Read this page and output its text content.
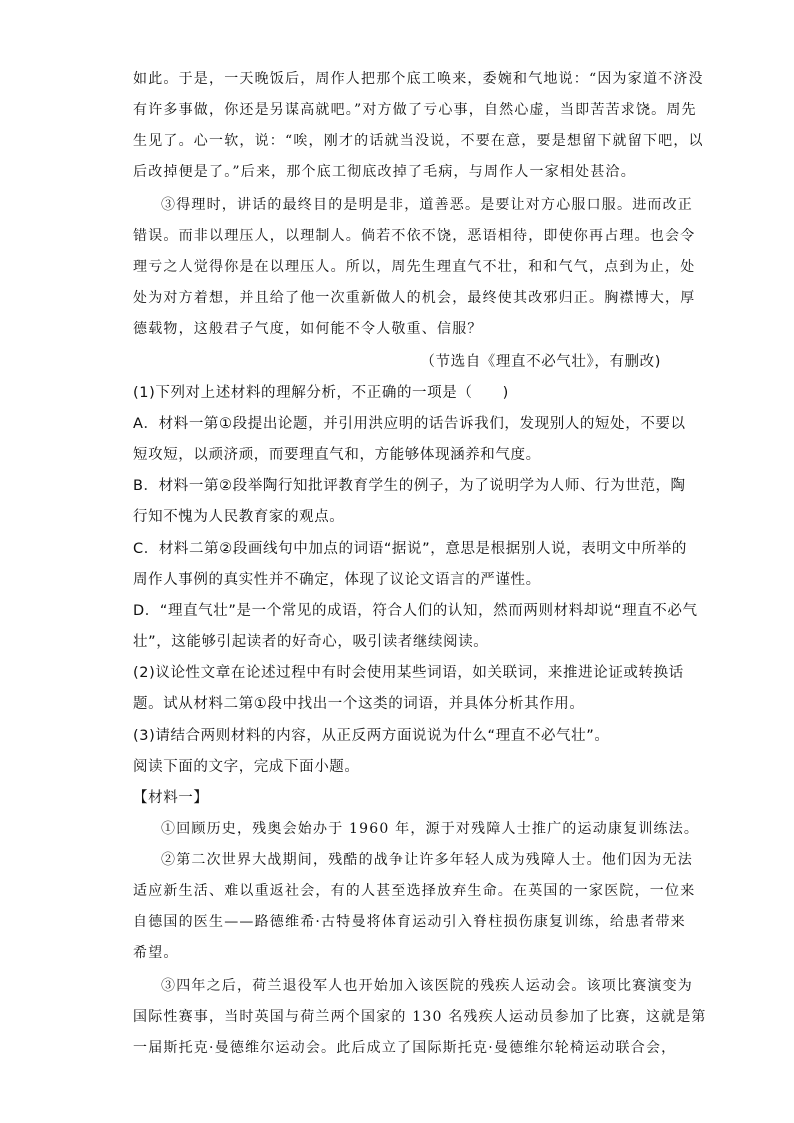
如此。于是，一天晚饭后，周作人把那个底工唤来，委婉和气地说：“因为家道不济没
有许多事做，你还是另谋高就吧。”对方做了亏心事，自然心虚，当即苦苦求饶。周先
生见了。心一软，说：“唉，刚才的话就当没说，不要在意，要是想留下就留下吧，以
后改掉便是了。”后来，那个底工彻底改掉了毛病，与周作人一家相处甚洽。
③得理时，讲话的最终目的是明是非，道善恶。是要让对方心服口服。进而改正
错误。而非以理压人，以理制人。倘若不依不饶，恶语相待，即使你再占理。也会令
理亏之人觉得你是在以理压人。所以，周先生理直气不壮，和和气气，点到为止，处
处为对方着想，并且给了他一次重新做人的机会，最终使其改邪归正。胸襟博大，厚
德载物，这般君子气度，如何能不令人敬重、信服？
（节选自《理直不必气壮》，有删改)
(1)下列对上述材料的理解分析，不正确的一项是（　　)
A．材料一第①段提出论题，并引用洪应明的话告诉我们，发现别人的短处，不要以
短攻短，以顽济顽，而要理直气和，方能够体现涵养和气度。
B．材料一第②段举陶行知批评教育学生的例子，为了说明学为人师、行为世范，陶
行知不愧为人民教育家的观点。
C．材料二第②段画线句中加点的词语“据说”，意思是根据别人说，表明文中所举的
周作人事例的真实性并不确定，体现了议论文语言的严谨性。
D．“理直气壮”是一个常见的成语，符合人们的认知，然而两则材料却说“理直不必气
壮”，这能够引起读者的好奇心，吸引读者继续阅读。
(2)议论性文章在论述过程中有时会使用某些词语，如关联词，来推进论证或转换话
题。试从材料二第①段中找出一个这类的词语，并具体分析其作用。
(3)请结合两则材料的内容，从正反两方面说说为什么“理直不必气壮”。
阅读下面的文字，完成下面小题。
【材料一】
①回顾历史，残奥会始办于 1960 年，源于对残障人士推广的运动康复训练法。
②第二次世界大战期间，残酷的战争让许多年轻人成为残障人士。他们因为无法
适应新生活、难以重返社会，有的人甚至选择放弃生命。在英国的一家医院，一位来
自德国的医生——路德维希·古特曼将体育运动引入脊柱损伤康复训练，给患者带来
希望。
③四年之后，荷兰退役军人也开始加入该医院的残疾人运动会。该项比赛演变为
国际性赛事，当时英国与荷兰两个国家的 130 名残疾人运动员参加了比赛，这就是第
一届斯托克·曼德维尔运动会。此后成立了国际斯托克·曼德维尔轮椅运动联合会，
